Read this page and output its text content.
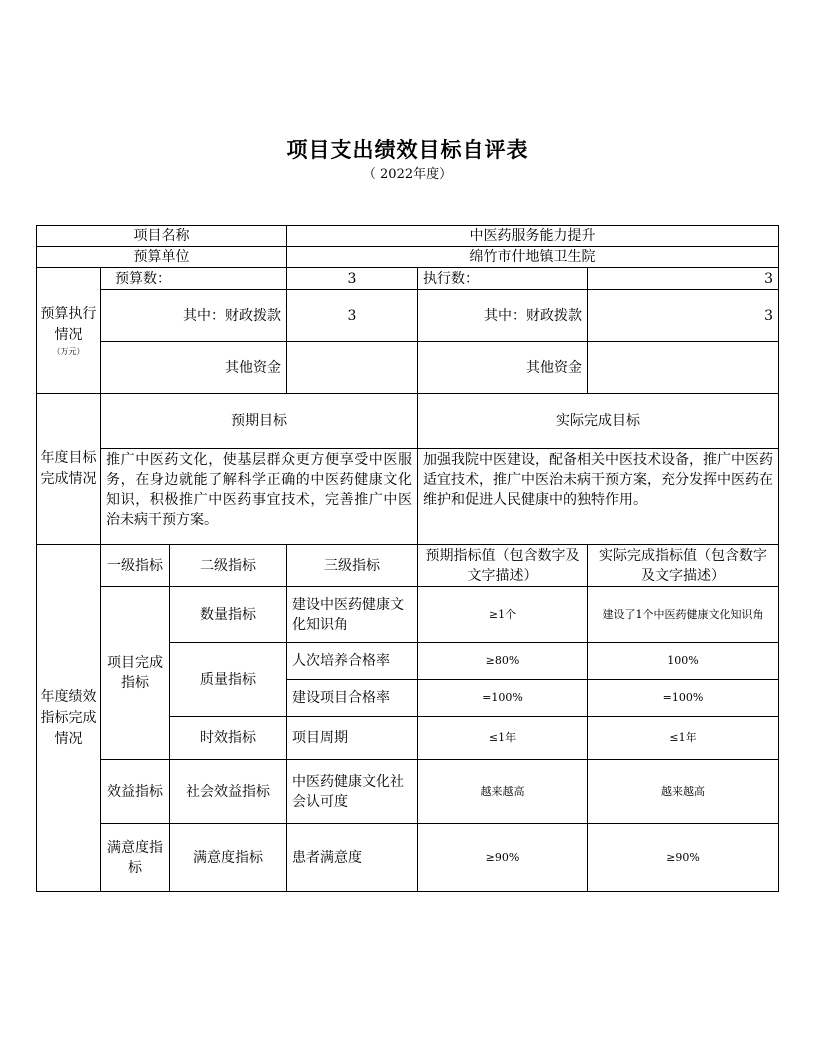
项目支出绩效目标自评表
（ 2022年度）
项目名称			中医药服务能力提升		
预算单位			绵竹市什地镇卫生院		
预算执行情况
（万元）	预算数：		3	执行数：	3
	其中：财政拨款		3	其中：财政拨款	3
	其他资金			其他资金	
年度目标完成情况	预期目标			实际完成目标	
	推广中医药文化，使基层群众更方便享受中医服务，在身边就能了解科学正确的中医药健康文化知识，积极推广中医药事宜技术，完善推广中医治未病干预方案。			加强我院中医建设，配备相关中医技术设备，推广中医药适宜技术，推广中医治未病干预方案，充分发挥中医药在维护和促进人民健康中的独特作用。	
年度绩效指标完成情况	一级指标	二级指标	三级指标	预期指标值（包含数字及文字描述）	实际完成指标值（包含数字及文字描述）
	项目完成指标	数量指标	建设中医药健康文化知识角	≥1个	建设了1个中医药健康文化知识角
		质量指标	人次培养合格率	≥80%	100%
			建设项目合格率	=100%	=100%
		时效指标	项目周期	≤1年	≤1年
	效益指标	社会效益指标	中医药健康文化社会认可度	越来越高	越来越高
	满意度指标	满意度指标	患者满意度	≥90%	≥90%
